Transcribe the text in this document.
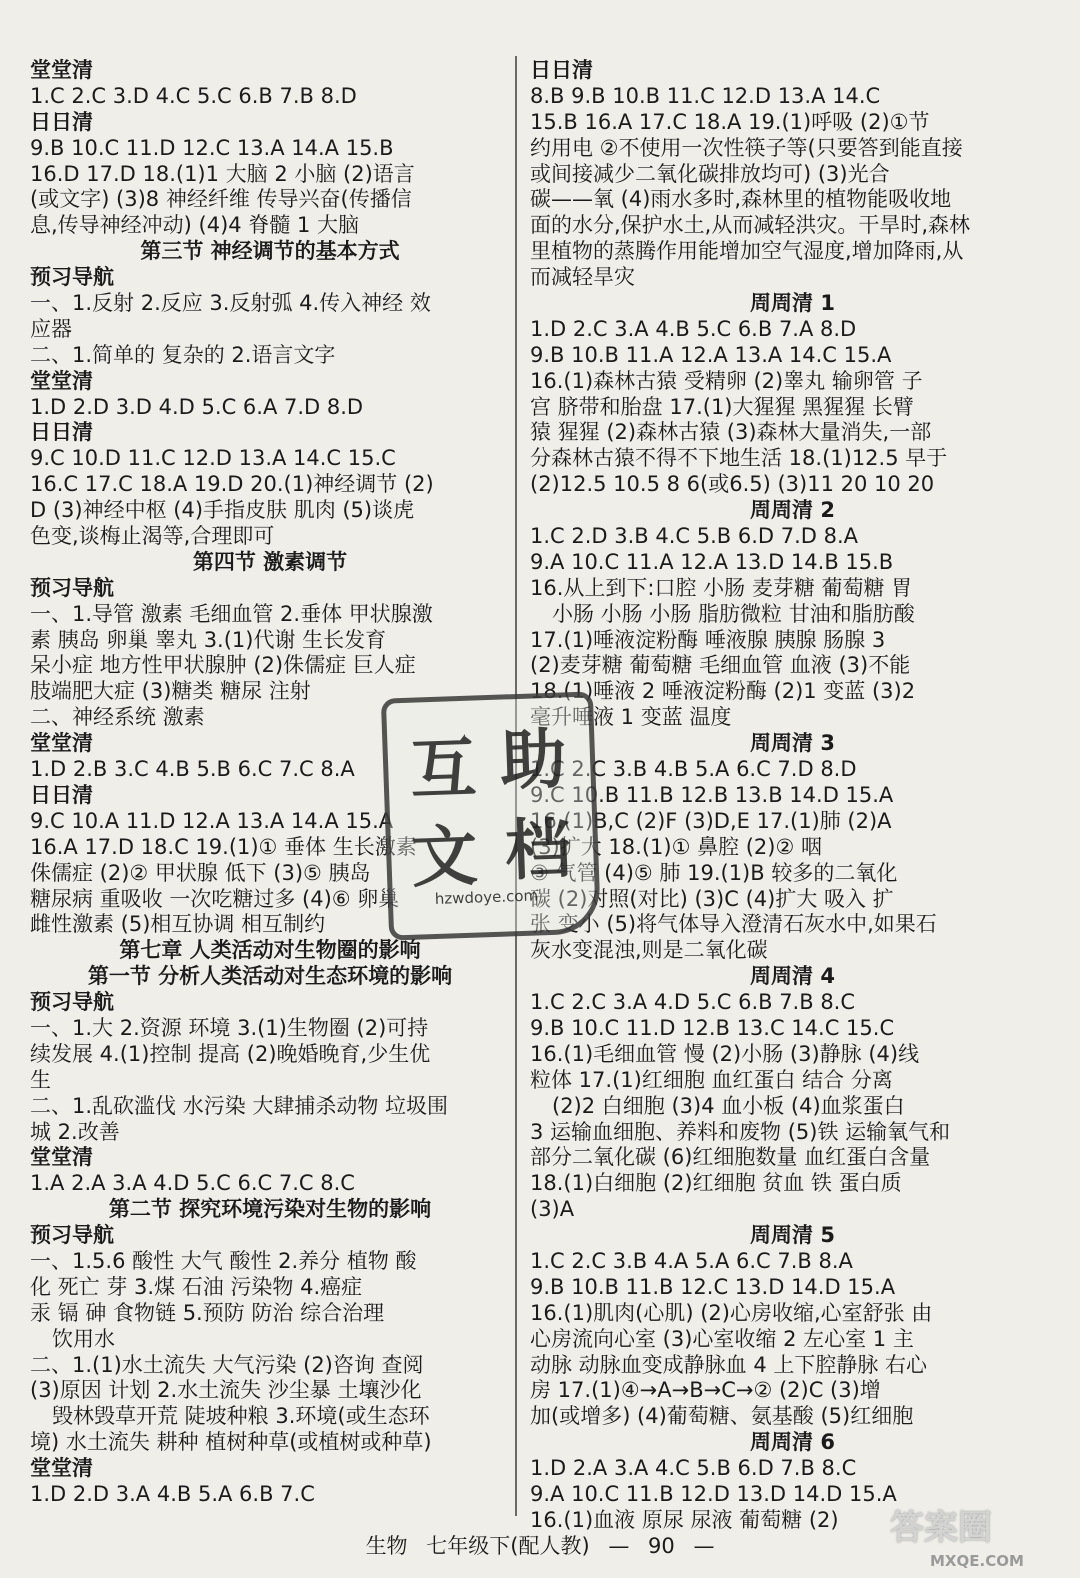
堂堂清
1.C 2.C 3.D 4.C 5.C 6.B 7.B 8.D
日日清
9.B 10.C 11.D 12.C 13.A 14.A 15.B
16.D 17.D 18.(1)1 大脑 2 小脑 (2)语言
(或文字) (3)8 神经纤维 传导兴奋(传播信
息,传导神经冲动) (4)4 脊髓 1 大脑
第三节 神经调节的基本方式
预习导航
一、1.反射 2.反应 3.反射弧 4.传入神经 效
应器
二、1.简单的 复杂的 2.语言文字
堂堂清
1.D 2.D 3.D 4.D 5.C 6.A 7.D 8.D
日日清
9.C 10.D 11.C 12.D 13.A 14.C 15.C
16.C 17.C 18.A 19.D 20.(1)神经调节 (2)
D (3)神经中枢 (4)手指皮肤 肌肉 (5)谈虎
色变,谈梅止渴等,合理即可
第四节 激素调节
预习导航
一、1.导管 激素 毛细血管 2.垂体 甲状腺激
素 胰岛 卵巢 睾丸 3.(1)代谢 生长发育
呆小症 地方性甲状腺肿 (2)侏儒症 巨人症
肢端肥大症 (3)糖类 糖尿 注射
二、神经系统 激素
堂堂清
1.D 2.B 3.C 4.B 5.B 6.C 7.C 8.A
日日清
9.C 10.A 11.D 12.A 13.A 14.A 15.A
16.A 17.D 18.C 19.(1)① 垂体 生长激素
侏儒症 (2)② 甲状腺 低下 (3)⑤ 胰岛
糖尿病 重吸收 一次吃糖过多 (4)⑥ 卵巢
雌性激素 (5)相互协调 相互制约
第七章 人类活动对生物圈的影响
第一节 分析人类活动对生态环境的影响
预习导航
一、1.大 2.资源 环境 3.(1)生物圈 (2)可持
续发展 4.(1)控制 提高 (2)晚婚晚育,少生优
生
二、1.乱砍滥伐 水污染 大肆捕杀动物 垃圾围
城 2.改善
堂堂清
1.A 2.A 3.A 4.D 5.C 6.C 7.C 8.C
第二节 探究环境污染对生物的影响
预习导航
一、1.5.6 酸性 大气 酸性 2.养分 植物 酸
化 死亡 芽 3.煤 石油 污染物 4.癌症
汞 镉 砷 食物链 5.预防 防治 综合治理
饮用水
二、1.(1)水土流失 大气污染 (2)咨询 查阅
(3)原因 计划 2.水土流失 沙尘暴 土壤沙化
毁林毁草开荒 陡坡种粮 3.环境(或生态环
境) 水土流失 耕种 植树种草(或植树或种草)
堂堂清
1.D 2.D 3.A 4.B 5.A 6.B 7.C
日日清
8.B 9.B 10.B 11.C 12.D 13.A 14.C
15.B 16.A 17.C 18.A 19.(1)呼吸 (2)①节
约用电 ②不使用一次性筷子等(只要答到能直接
或间接减少二氧化碳排放均可) (3)光合
碳——氧 (4)雨水多时,森林里的植物能吸收地
面的水分,保护水土,从而减轻洪灾。干旱时,森林
里植物的蒸腾作用能增加空气湿度,增加降雨,从
而减轻旱灾
周周清 1
1.D 2.C 3.A 4.B 5.C 6.B 7.A 8.D
9.B 10.B 11.A 12.A 13.A 14.C 15.A
16.(1)森林古猿 受精卵 (2)睾丸 输卵管 子
宫 脐带和胎盘 17.(1)大猩猩 黑猩猩 长臂
猿 猩猩 (2)森林古猿 (3)森林大量消失,一部
分森林古猿不得不下地生活 18.(1)12.5 早于
(2)12.5 10.5 8 6(或6.5) (3)11 20 10 20
周周清 2
1.C 2.D 3.B 4.C 5.B 6.D 7.D 8.A
9.A 10.C 11.A 12.A 13.D 14.B 15.B
16.从上到下:口腔 小肠 麦芽糖 葡萄糖 胃
小肠 小肠 小肠 脂肪微粒 甘油和脂肪酸
17.(1)唾液淀粉酶 唾液腺 胰腺 肠腺 3
(2)麦芽糖 葡萄糖 毛细血管 血液 (3)不能
18.(1)唾液 2 唾液淀粉酶 (2)1 变蓝 (3)2
毫升唾液 1 变蓝 温度
周周清 3
1.C 2.C 3.B 4.B 5.A 6.C 7.D 8.D
9.C 10.B 11.B 12.B 13.B 14.D 15.A
16.(1)B,C (2)F (3)D,E 17.(1)肺 (2)A
(3)扩大 18.(1)① 鼻腔 (2)② 咽
③ 气管 (4)⑤ 肺 19.(1)B 较多的二氧化
碳 (2)对照(对比) (3)C (4)扩大 吸入 扩
张 变小 (5)将气体导入澄清石灰水中,如果石
灰水变混浊,则是二氧化碳
周周清 4
1.C 2.C 3.A 4.D 5.C 6.B 7.B 8.C
9.B 10.C 11.D 12.B 13.C 14.C 15.C
16.(1)毛细血管 慢 (2)小肠 (3)静脉 (4)线
粒体 17.(1)红细胞 血红蛋白 结合 分离
(2)2 白细胞 (3)4 血小板 (4)血浆蛋白
3 运输血细胞、养料和废物 (5)铁 运输氧气和
部分二氧化碳 (6)红细胞数量 血红蛋白含量
18.(1)白细胞 (2)红细胞 贫血 铁 蛋白质
(3)A
周周清 5
1.C 2.C 3.B 4.A 5.A 6.C 7.B 8.A
9.B 10.B 11.B 12.C 13.D 14.D 15.A
16.(1)肌肉(心肌) (2)心房收缩,心室舒张 由
心房流向心室 (3)心室收缩 2 左心室 1 主
动脉 动脉血变成静脉血 4 上下腔静脉 右心
房 17.(1)④→A→B→C→② (2)C (3)增
加(或增多) (4)葡萄糖、氨基酸 (5)红细胞
周周清 6
1.D 2.A 3.A 4.C 5.B 6.D 7.B 8.C
9.A 10.C 11.B 12.D 13.D 14.D 15.A
16.(1)血液 原尿 尿液 葡萄糖 (2)
生物 七年级下(配人教) — 90 —
互 助
文 档
hzwdoye.com
答案圈
MXQE.COM
